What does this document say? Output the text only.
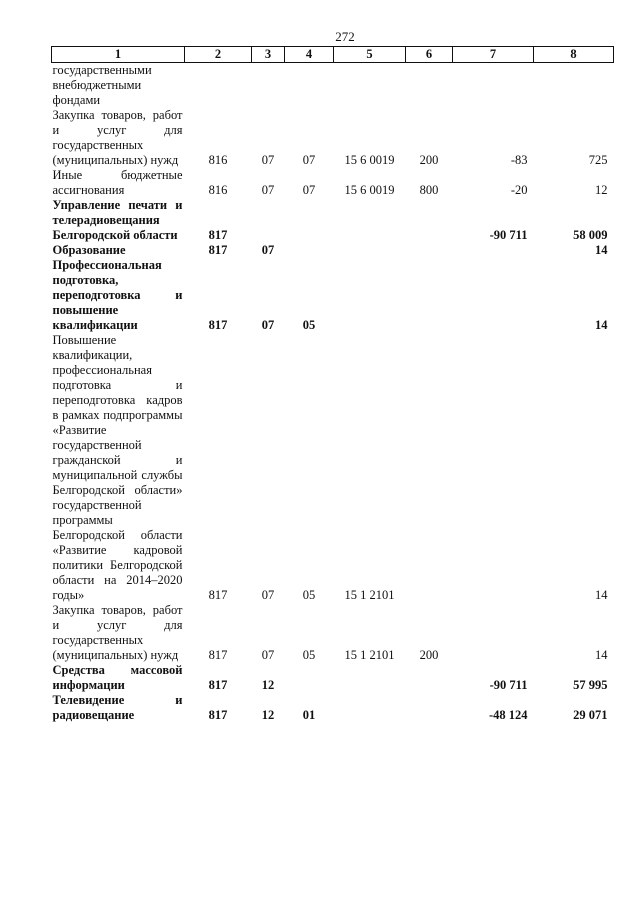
272
1	2	3	4	5	6	7	8
государственными
внебюджетными
фондами							
Закупка товаров, работ и услуг для государственных (муниципальных) нужд	816	07	07	15 6 0019	200	-83	725
Иные бюджетные ассигнования	816	07	07	15 6 0019	800	-20	12
Управление печати и телерадиовещания Белгородской области	817					-90 711	58 009
Образование	817	07					14
Профессиональная подготовка, переподготовка и повышение квалификации	817	07	05				14
Повышение квалификации, профессиональная подготовка и переподготовка кадров в рамках подпрограммы «Развитие государственной гражданской и муниципальной службы Белгородской области» государственной программы Белгородской области «Развитие кадровой политики Белгородской области на 2014–2020 годы»	817	07	05	15 1 2101			14
Закупка товаров, работ и услуг для государственных (муниципальных) нужд	817	07	05	15 1 2101	200		14
Средства массовой информации	817	12				-90 711	57 995
Телевидение и радиовещание	817	12	01			-48 124	29 071
